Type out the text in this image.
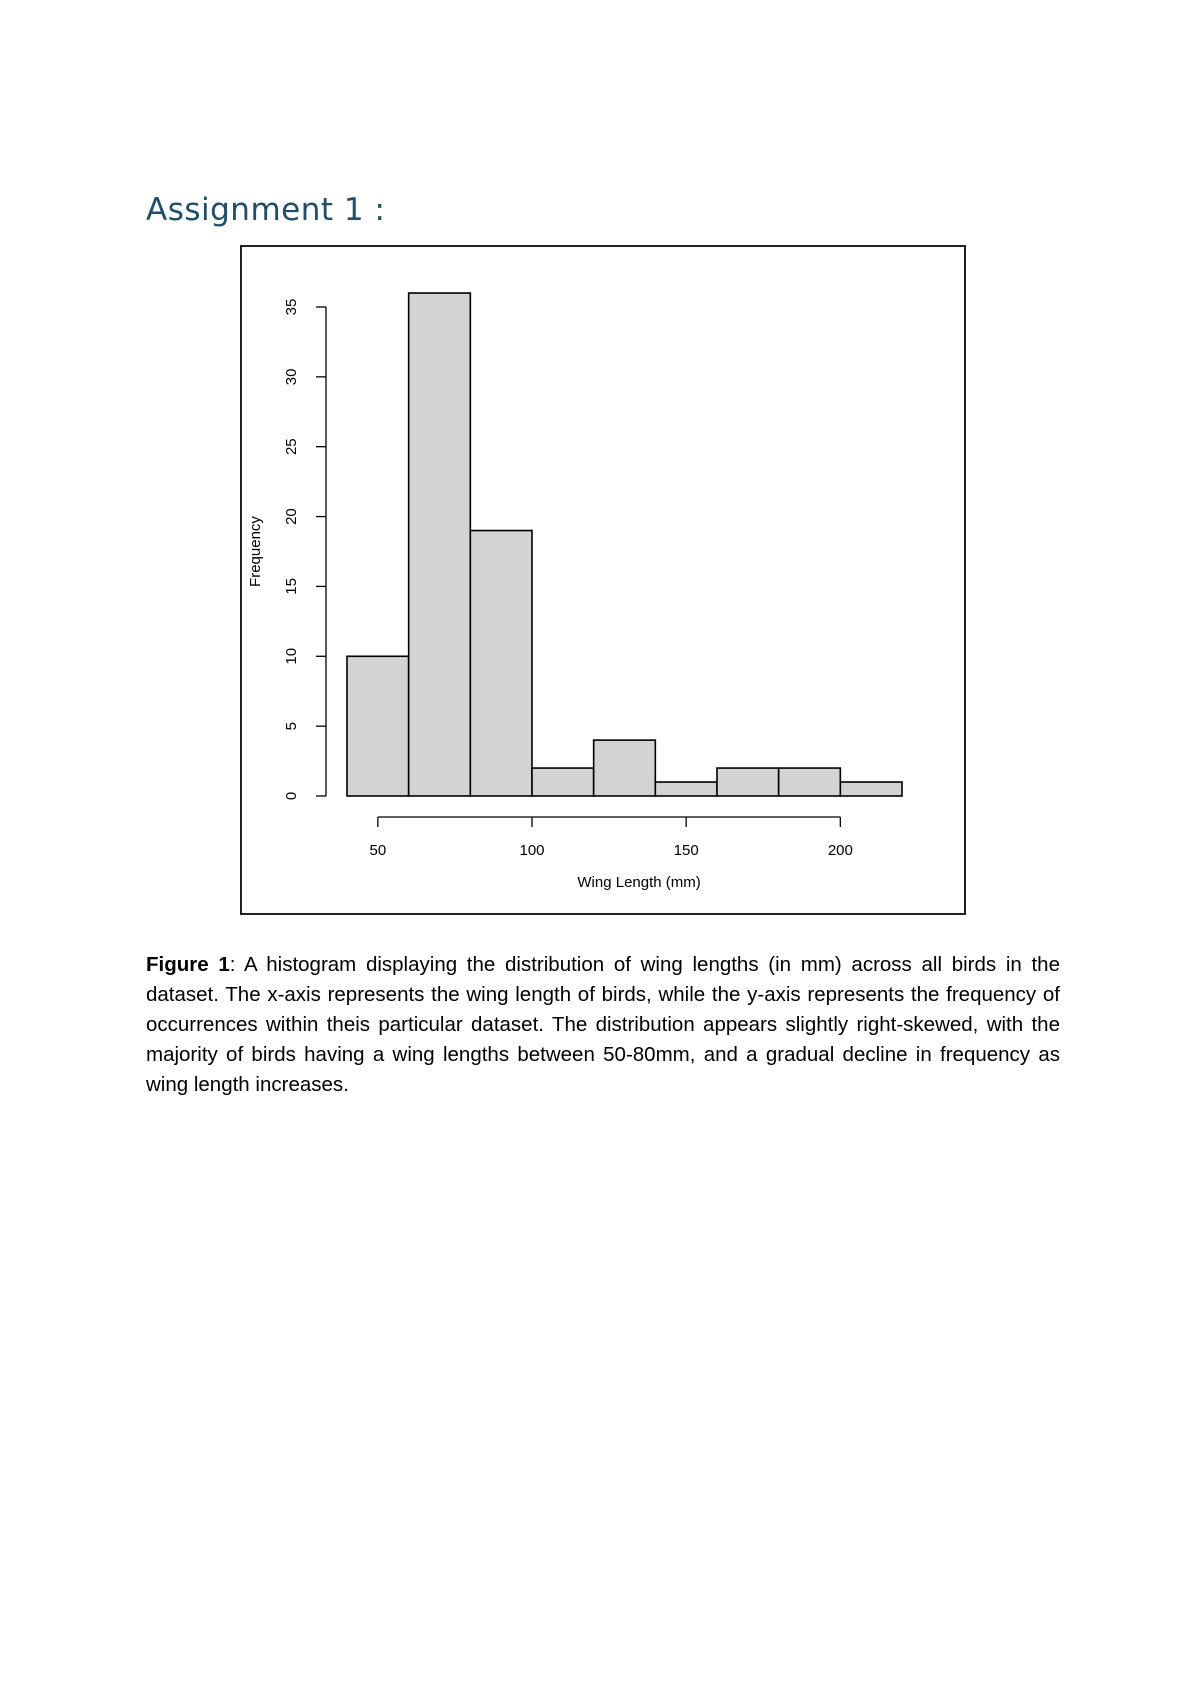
Assignment 1 :
0
5
10
15
20
25
30
35
50	100	150	200
Frequency
Wing Length (mm)
Figure 1: A histogram displaying the distribution of wing lengths (in mm) across all birds in the dataset. The x-axis represents the wing length of birds, while the y-axis represents the frequency of occurrences within theis particular dataset. The distribution appears slightly right-skewed, with the majority of birds having a wing lengths between 50-80mm, and a gradual decline in frequency as wing length increases.
